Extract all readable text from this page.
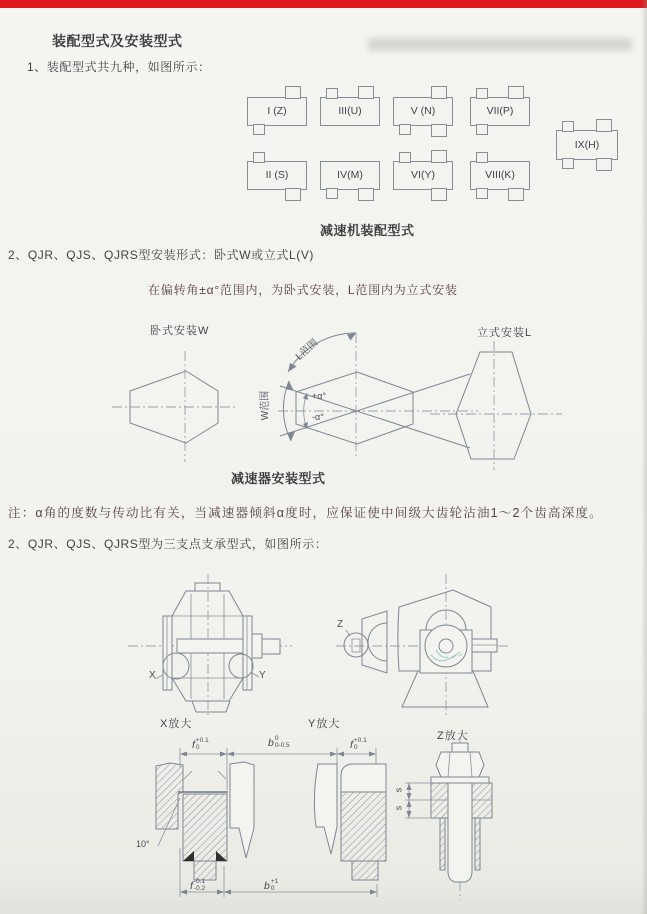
装配型式及安装型式
1、装配型式共九种，如图所示：
I (Z)	III(U)	V (N)	VII(P)
IX(H)
II (S)	IV(M)	VI(Y)	VIII(K)
减速机装配型式
2、QJR、QJS、QJRS型安装形式：卧式W或立式L(V)
在偏转角±α°范围内，为卧式安装，L范围内为立式安装
卧式安装W	立式安装L
L范围
W范围	+α°
-α°
减速器安装型式
注：α角的度数与传动比有关，当减速器倾斜α度时，应保证使中间级大齿轮沾油1～2个齿高深度。
2、QJR、QJS、QJRS型为三支点支承型式，如图所示：
X	Y
Z
X放大	Y放大
Z放大
f +0.1
0	b 0
0-0.5	f +0.1
0
f -0.1
-0.2	b +1
0
10°
s
s
